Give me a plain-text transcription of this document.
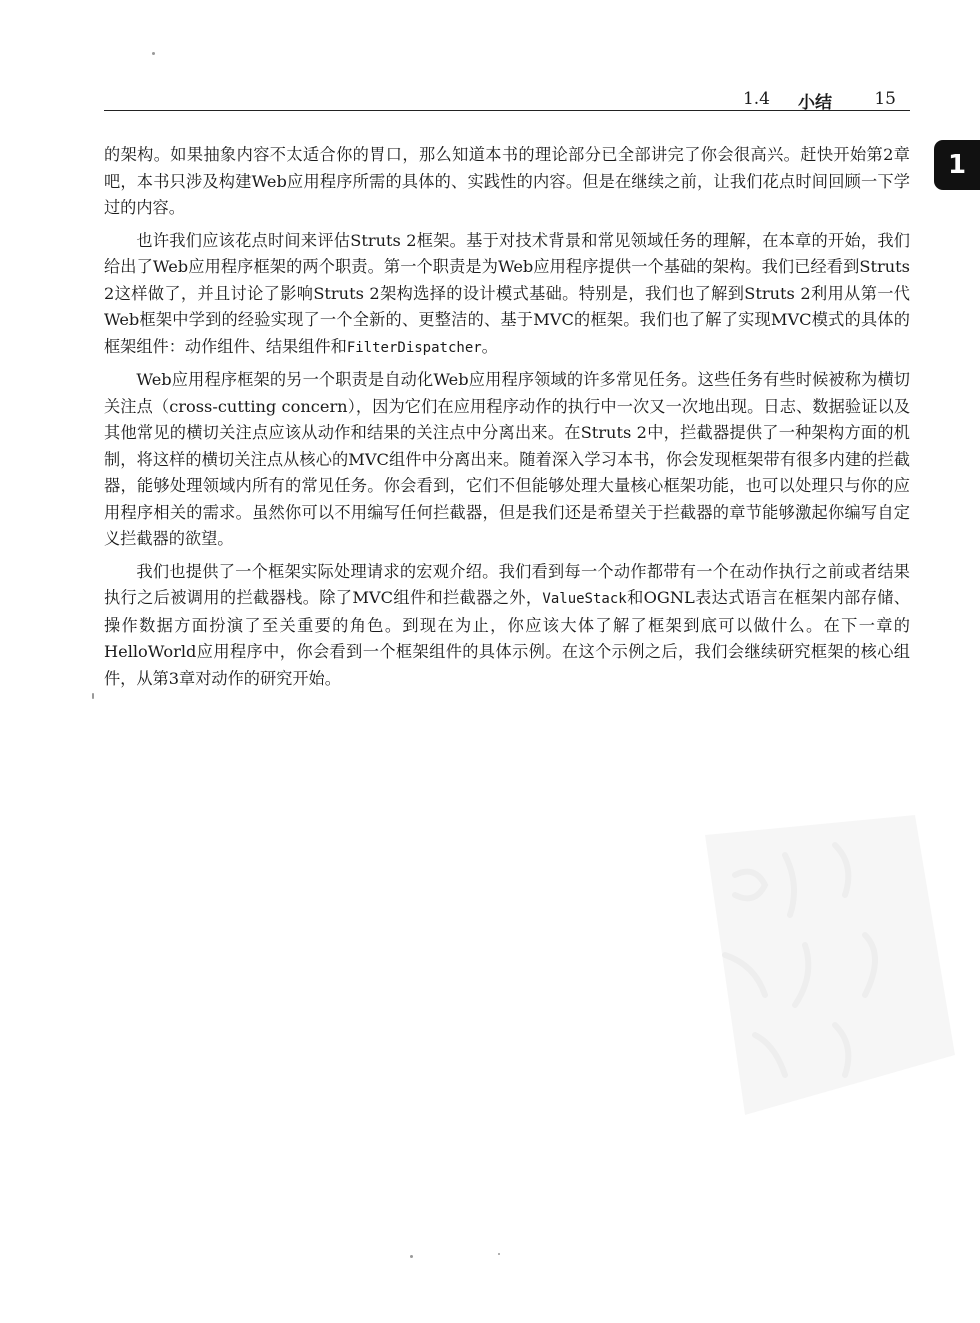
1.4 小结 15
1

的架构。如果抽象内容不太适合你的胃口，那么知道本书的理论部分已全部讲完了你会很高兴。赶快开始第2章吧，本书只涉及构建Web应用程序所需的具体的、实践性的内容。但是在继续之前，让我们花点时间回顾一下学过的内容。

也许我们应该花点时间来评估Struts 2框架。基于对技术背景和常见领域任务的理解，在本章的开始，我们给出了Web应用程序框架的两个职责。第一个职责是为Web应用程序提供一个基础的架构。我们已经看到Struts 2这样做了，并且讨论了影响Struts 2架构选择的设计模式基础。特别是，我们也了解到Struts 2利用从第一代Web框架中学到的经验实现了一个全新的、更整洁的、基于MVC的框架。我们也了解了实现MVC模式的具体的框架组件：动作组件、结果组件和FilterDispatcher。

Web应用程序框架的另一个职责是自动化Web应用程序领域的许多常见任务。这些任务有些时候被称为横切关注点（cross-cutting concern），因为它们在应用程序动作的执行中一次又一次地出现。日志、数据验证以及其他常见的横切关注点应该从动作和结果的关注点中分离出来。在Struts 2中，拦截器提供了一种架构方面的机制，将这样的横切关注点从核心的MVC组件中分离出来。随着深入学习本书，你会发现框架带有很多内建的拦截器，能够处理领域内所有的常见任务。你会看到，它们不但能够处理大量核心框架功能，也可以处理只与你的应用程序相关的需求。虽然你可以不用编写任何拦截器，但是我们还是希望关于拦截器的章节能够激起你编写自定义拦截器的欲望。

我们也提供了一个框架实际处理请求的宏观介绍。我们看到每一个动作都带有一个在动作执行之前或者结果执行之后被调用的拦截器栈。除了MVC组件和拦截器之外，ValueStack和OGNL表达式语言在框架内部存储、操作数据方面扮演了至关重要的角色。到现在为止，你应该大体了解了框架到底可以做什么。在下一章的HelloWorld应用程序中，你会看到一个框架组件的具体示例。在这个示例之后，我们会继续研究框架的核心组件，从第3章对动作的研究开始。
